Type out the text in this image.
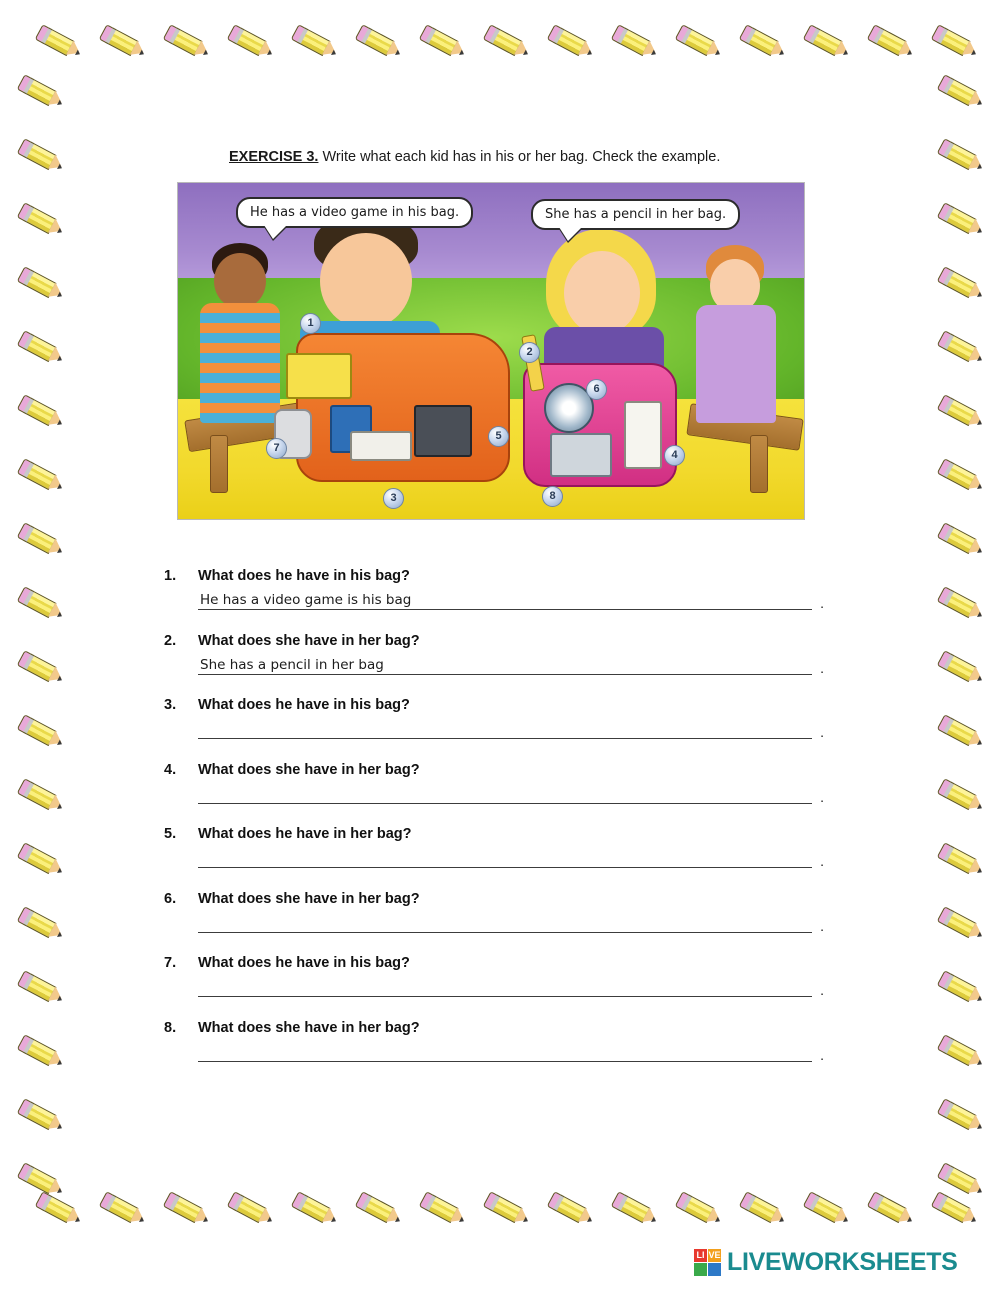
EXERCISE 3. Write what each kid has in his or her bag. Check the example.
1
2
3
4
5
6
7
8
He has a video game in his bag.	She has a pencil in her bag.
1.	What does he have in his bag?
He has a video game is his bag	.
2.	What does she have in her bag?
She has a pencil in her bag	.
3.	What does he have in his bag?
.
4.	What does she have in her bag?
.
5.	What does he have in her bag?
.
6.	What does she have in her bag?
.
7.	What does he have in his bag?
.
8.	What does she have in her bag?
.
LI VE LIVEWORKSHEETS
